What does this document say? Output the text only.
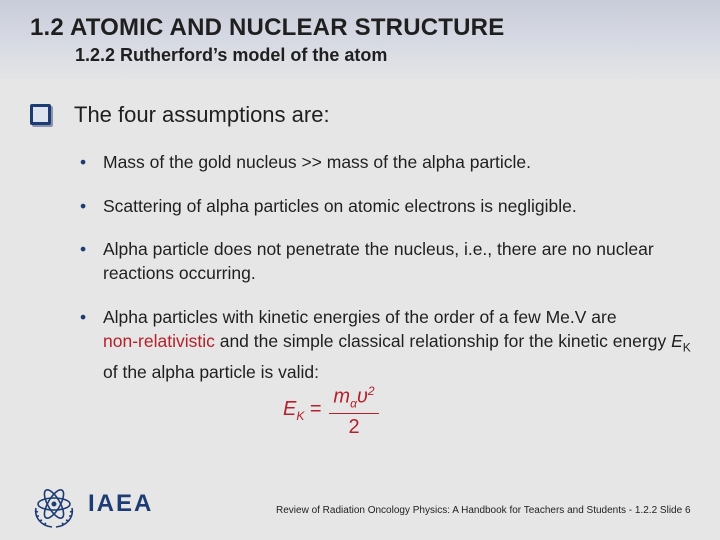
1.2 ATOMIC AND NUCLEAR STRUCTURE
1.2.2 Rutherford’s model of the atom
The four assumptions are:
• Mass of the gold nucleus >> mass of the alpha particle.
• Scattering of alpha particles on atomic electrons is negligible.
• Alpha particle does not penetrate the nucleus, i.e., there are no nuclear reactions occurring.
• Alpha particles with kinetic energies of the order of a few Me.V are
non-relativistic and the simple classical relationship for the kinetic energy $E_K$ of the alpha particle is valid:
$E_K$ =
$m_\alpha\upsilon^2$
2
IAEA	Review of Radiation Oncology Physics: A Handbook for Teachers and Students - 1.2.2 Slide 6
